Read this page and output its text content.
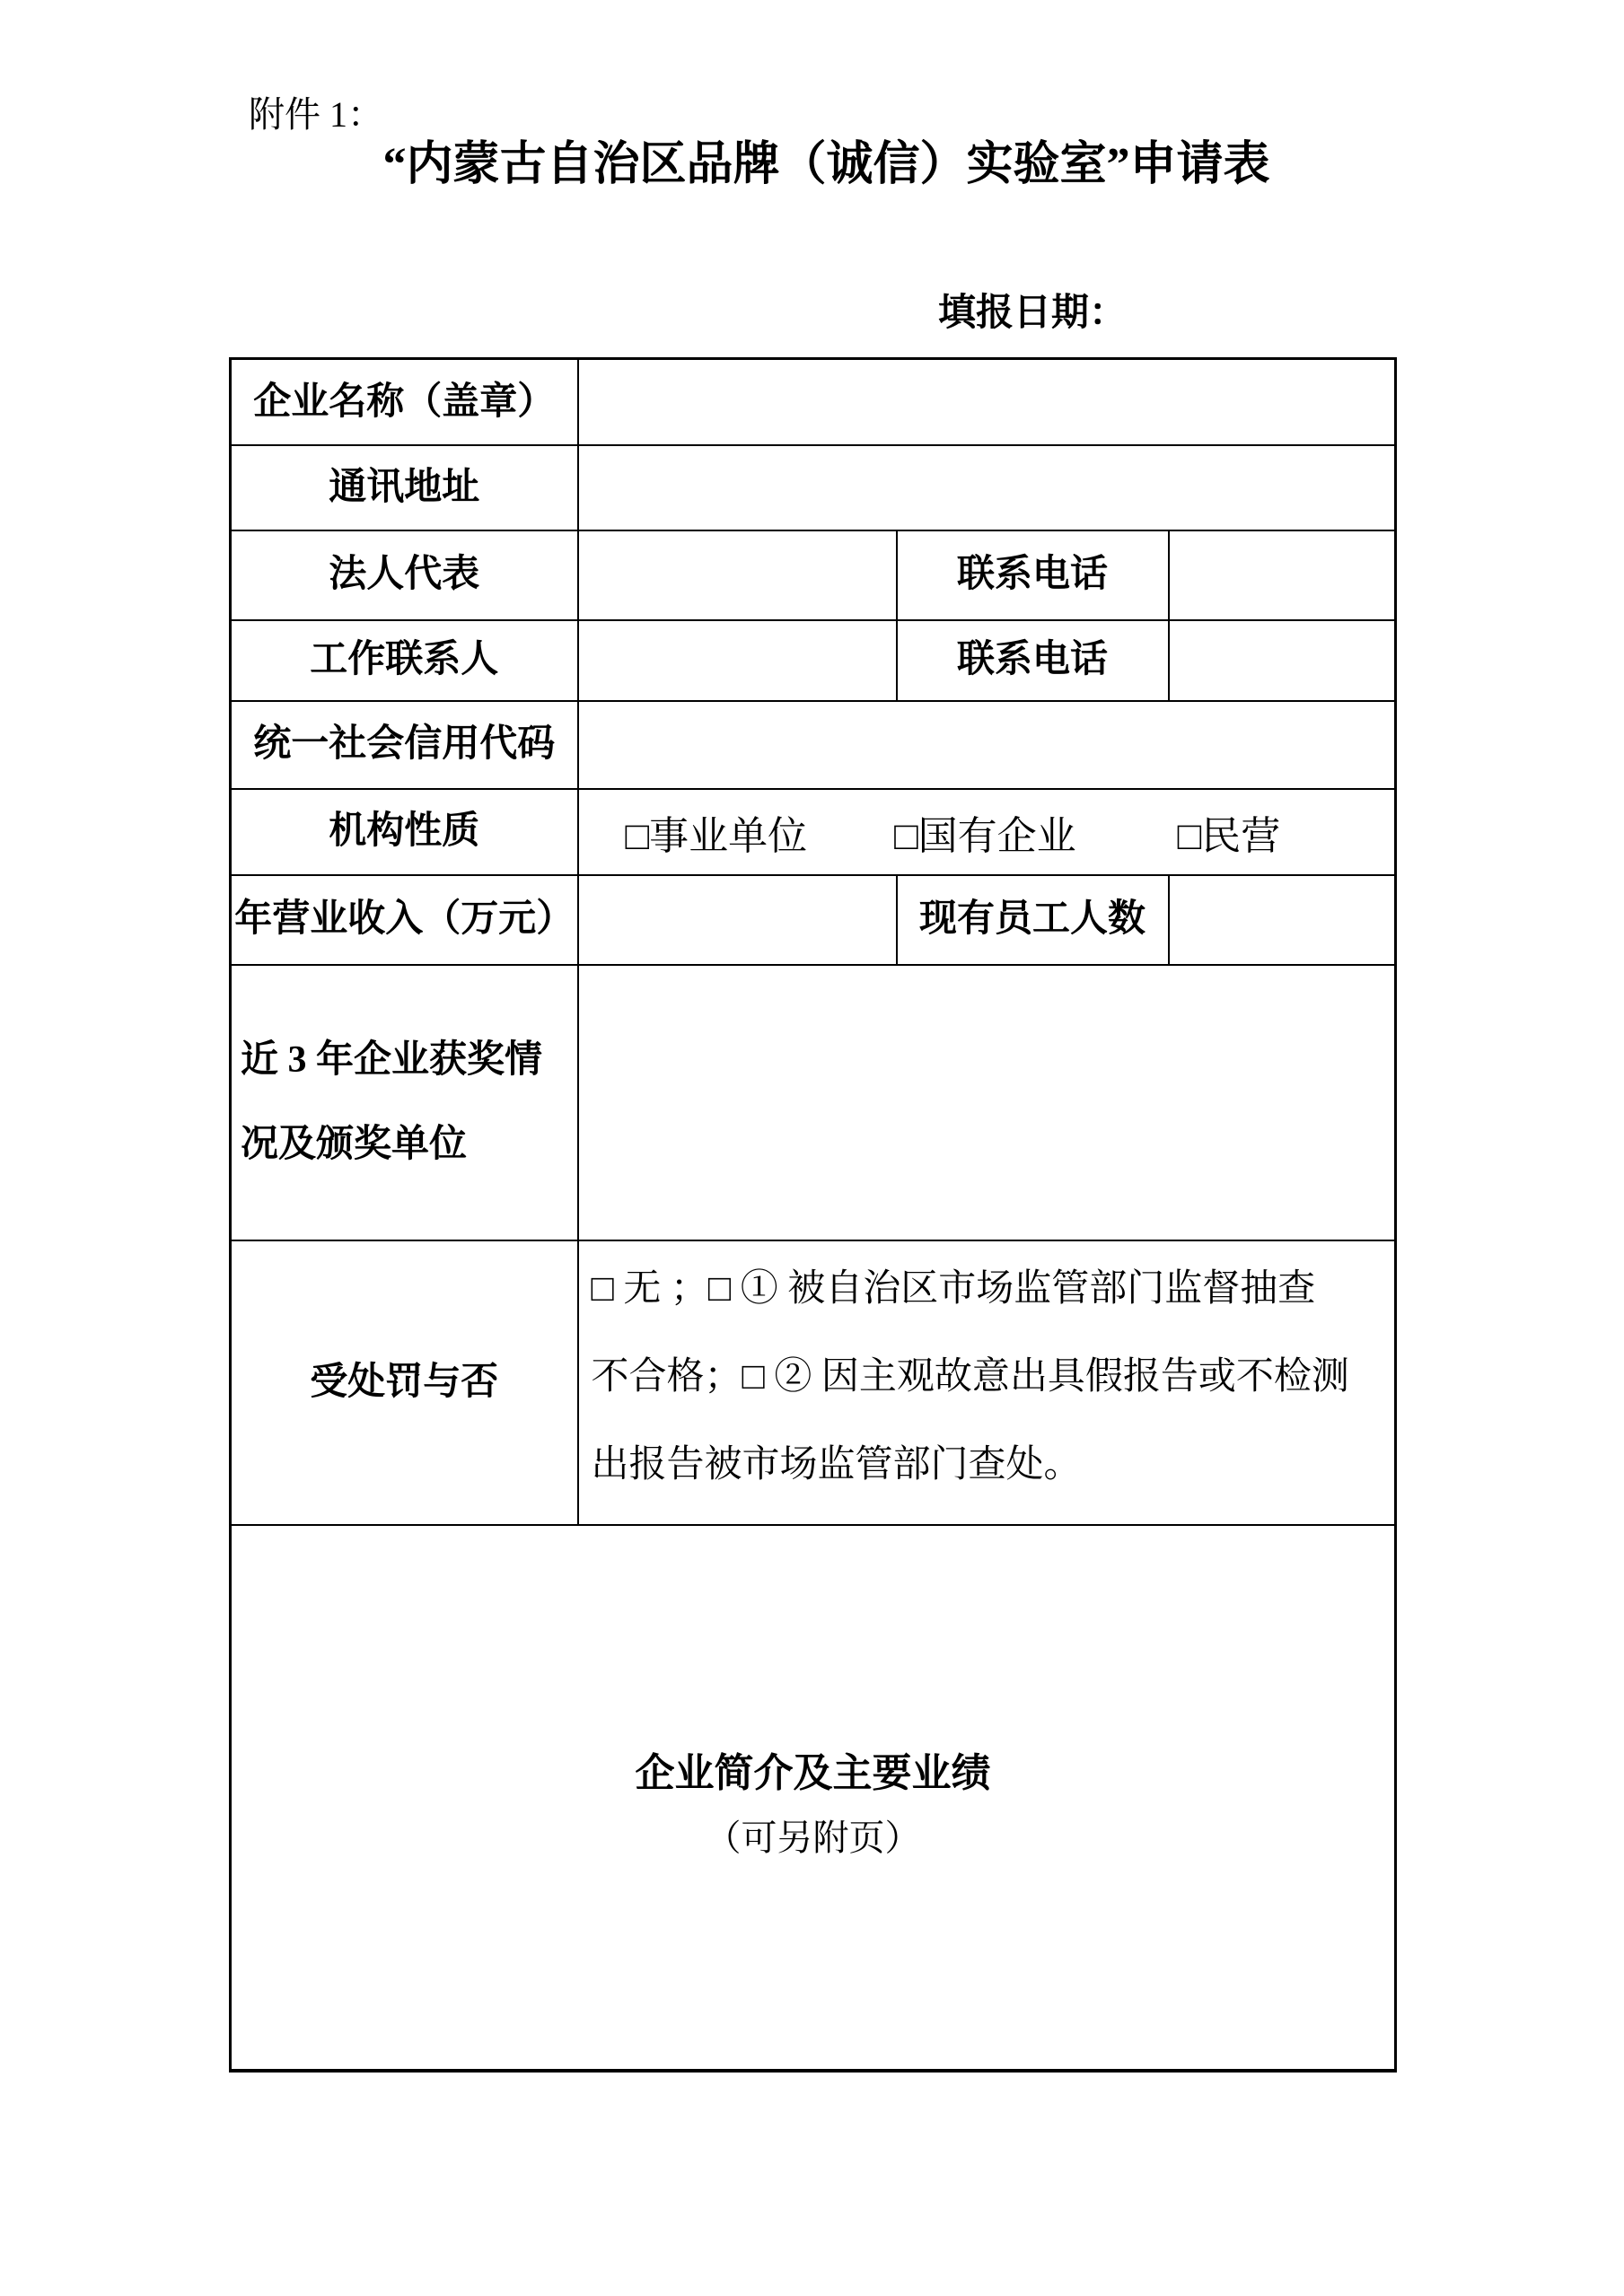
附件 1：
“内蒙古自治区品牌（诚信）实验室”申请表
填报日期：
企业名称（盖章）			
通讯地址			
法人代表		联系电话	
工作联系人		联系电话	
统一社会信用代码			
机构性质	□事业单位 □国有企业 □民营		
年营业收入（万元）		现有员工人数	

近 3 年企业获奖情
况及颁奖单位			

受处罚与否	□ 无 ；□ ① 被自治区市场监管部门监督抽查
不合格；□ ② 因主观故意出具假报告或不检测
出报告被市场监管部门查处。		

企业简介及主要业绩
（可另附页）			
